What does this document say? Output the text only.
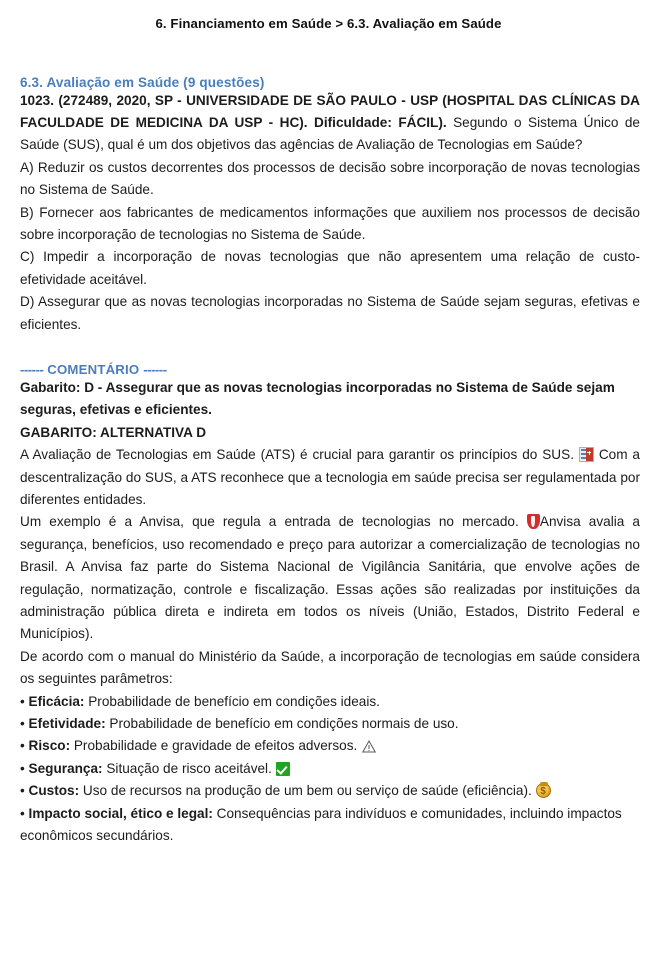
6. Financiamento em Saúde > 6.3. Avaliação em Saúde
6.3. Avaliação em Saúde (9 questões)

1023. (272489, 2020, SP - UNIVERSIDADE DE SÃO PAULO - USP (HOSPITAL DAS CLÍNICAS DA FACULDADE DE MEDICINA DA USP - HC). Dificuldade: FÁCIL). Segundo o Sistema Único de Saúde (SUS), qual é um dos objetivos das agências de Avaliação de Tecnologias em Saúde?

A) Reduzir os custos decorrentes dos processos de decisão sobre incorporação de novas tecnologias no Sistema de Saúde.

B) Fornecer aos fabricantes de medicamentos informações que auxiliem nos processos de decisão sobre incorporação de tecnologias no Sistema de Saúde.

C) Impedir a incorporação de novas tecnologias que não apresentem uma relação de custo-efetividade aceitável.

D) Assegurar que as novas tecnologias incorporadas no Sistema de Saúde sejam seguras, efetivas e eficientes.

------ COMENTÁRIO ------

Gabarito: D - Assegurar que as novas tecnologias incorporadas no Sistema de Saúde sejam seguras, efetivas e eficientes.

GABARITO: ALTERNATIVA D

A Avaliação de Tecnologias em Saúde (ATS) é crucial para garantir os princípios do SUS. Com a descentralização do SUS, a ATS reconhece que a tecnologia em saúde precisa ser regulamentada por diferentes entidades.

Um exemplo é a Anvisa, que regula a entrada de tecnologias no mercado. Anvisa avalia a segurança, benefícios, uso recomendado e preço para autorizar a comercialização de tecnologias no Brasil. A Anvisa faz parte do Sistema Nacional de Vigilância Sanitária, que envolve ações de regulação, normatização, controle e fiscalização. Essas ações são realizadas por instituições da administração pública direta e indireta em todos os níveis (União, Estados, Distrito Federal e Municípios).

De acordo com o manual do Ministério da Saúde, a incorporação de tecnologias em saúde considera os seguintes parâmetros:

• Eficácia: Probabilidade de benefício em condições ideais.

• Efetividade: Probabilidade de benefício em condições normais de uso.

• Risco: Probabilidade e gravidade de efeitos adversos.

• Segurança: Situação de risco aceitável.

• Custos: Uso de recursos na produção de um bem ou serviço de saúde (eficiência). $

• Impacto social, ético e legal: Consequências para indivíduos e comunidades, incluindo impactos econômicos secundários.
